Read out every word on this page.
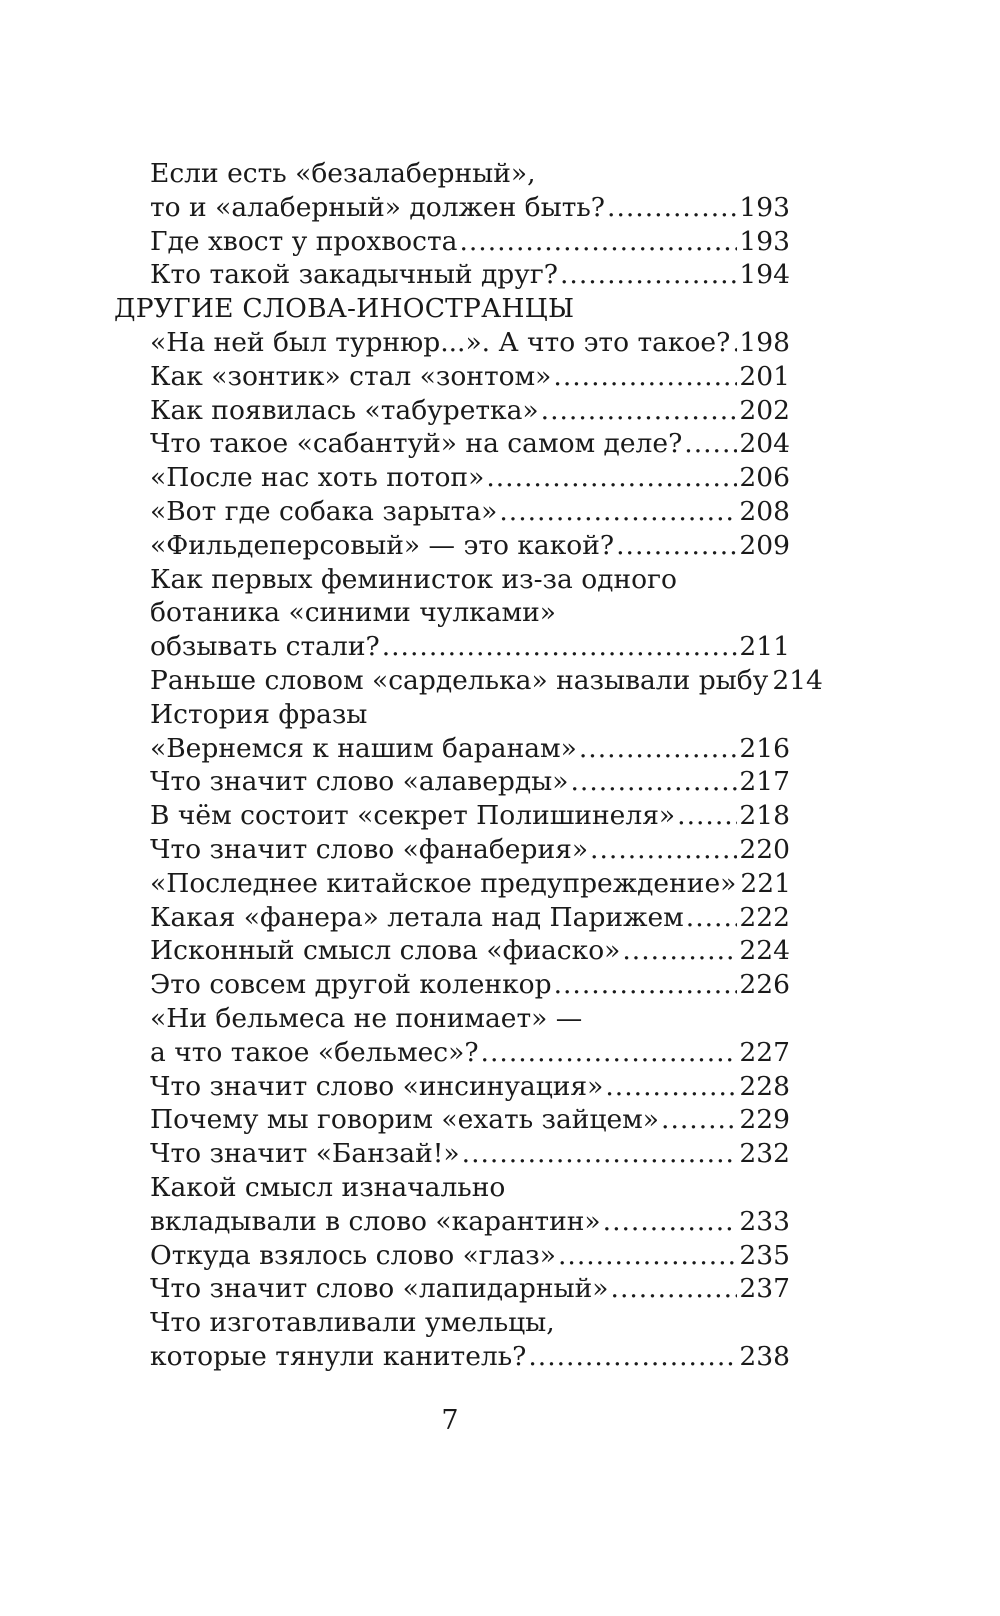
Если есть «безалаберный»,
то и «алаберный» должен быть? .....	193
Где хвост у прохвоста .....	193
Кто такой закадычный друг? .....	194
ДРУГИЕ СЛОВА-ИНОСТРАНЦЫ
«На ней был турнюр...». А что это такое? ..... 198
Как «зонтик» стал «зонтом» .....	201
Как появилась «табуретка» .....	202
Что такое «сабантуй» на самом деле? ..... 204
«После нас хоть потоп» .....	206
«Вот где собака зарыта» .....	208
«Фильдеперсовый» — это какой? .....	209
Как первых феминисток из-за одного
ботаника «синими чулками»
обзывать стали? .....	211
Раньше словом «сарделька» называли рыбу 214
История фразы
«Вернемся к нашим баранам» .....	216
Что значит слово «алаверды» .....	217
В чём состоит «секрет Полишинеля» ..... 218
Что значит слово «фанаберия» .....	220
«Последнее китайское предупреждение» 221
Какая «фанера» летала над Парижем ..... 222
Исконный смысл слова «фиаско» .....	224
Это совсем другой коленкор .....	226
«Ни бельмеса не понимает» —
а что такое «бельмес»? .....	227
Что значит слово «инсинуация» .....	228
Почему мы говорим «ехать зайцем» .....	229
Что значит «Банзай!» .....	232
Какой смысл изначально
вкладывали в слово «карантин» .....	233
Откуда взялось слово «глаз» .....	235
Что значит слово «лапидарный» .....	237
Что изготавливали умельцы,
которые тянули канитель? .....	238
7
